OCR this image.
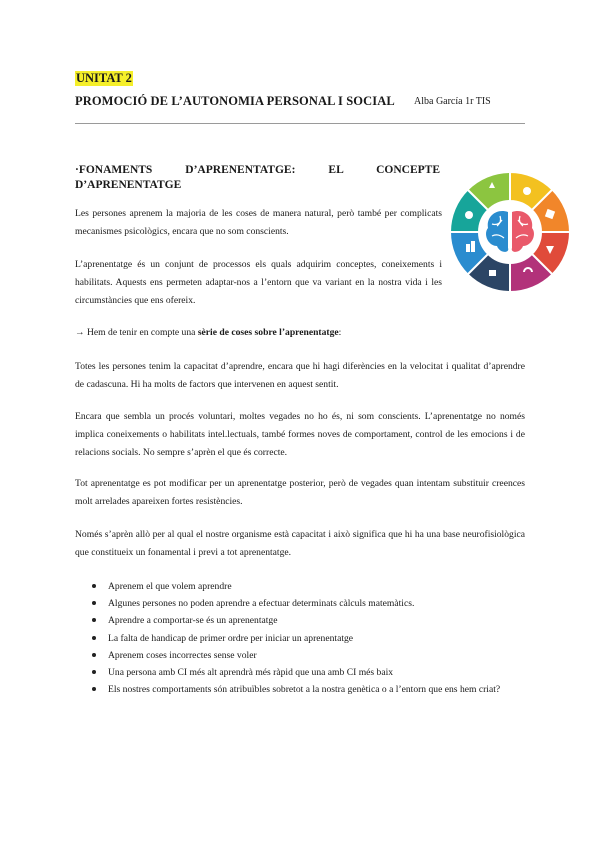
UNITAT 2
PROMOCIÓ DE L’AUTONOMIA PERSONAL I SOCIAL Alba García 1r TIS
·FONAMENTS D’APRENENTATGE: EL CONCEPTE
D’APRENENTATGE

Les persones aprenem la majoria de les coses de manera natural, però també per complicats mecanismes psicològics, encara que no som conscients.

L’aprenentatge és un conjunt de processos els quals adquirim conceptes, coneixements i habilitats. Aquests ens permeten adaptar-nos a l’entorn que va variant en la nostra vida i les circumstàncies que ens ofereix.

→ Hem de tenir en compte una sèrie de coses sobre l’aprenentatge:

Totes les persones tenim la capacitat d’aprendre, encara que hi hagi diferències en la velocitat i qualitat d’aprendre de cadascuna. Hi ha molts de factors que intervenen en aquest sentit.

Encara que sembla un procés voluntari, moltes vegades no ho és, ni som conscients. L’aprenentatge no només implica coneixements o habilitats intel.lectuals, també formes noves de comportament, control de les emocions i de relacions socials. No sempre s’aprèn el que és correcte.

Tot aprenentatge es pot modificar per un aprenentatge posterior, però de vegades quan intentam substituir creences molt arrelades apareixen fortes resistències.

Només s’aprèn allò per al qual el nostre organisme està capacitat i això significa que hi ha una base neurofisiològica que constitueix un fonamental i previ a tot aprenentatge.

Aprenem el que volem aprendre
Algunes persones no poden aprendre a efectuar determinats càlculs matemàtics.
Aprendre a comportar-se és un aprenentatge
La falta de handicap de primer ordre per iniciar un aprenentatge
Aprenem coses incorrectes sense voler
Una persona amb CI més alt aprendrà més ràpid que una amb CI més baix
Els nostres comportaments són atribuïbles sobretot a la nostra genètica o a l’entorn que ens hem criat?
